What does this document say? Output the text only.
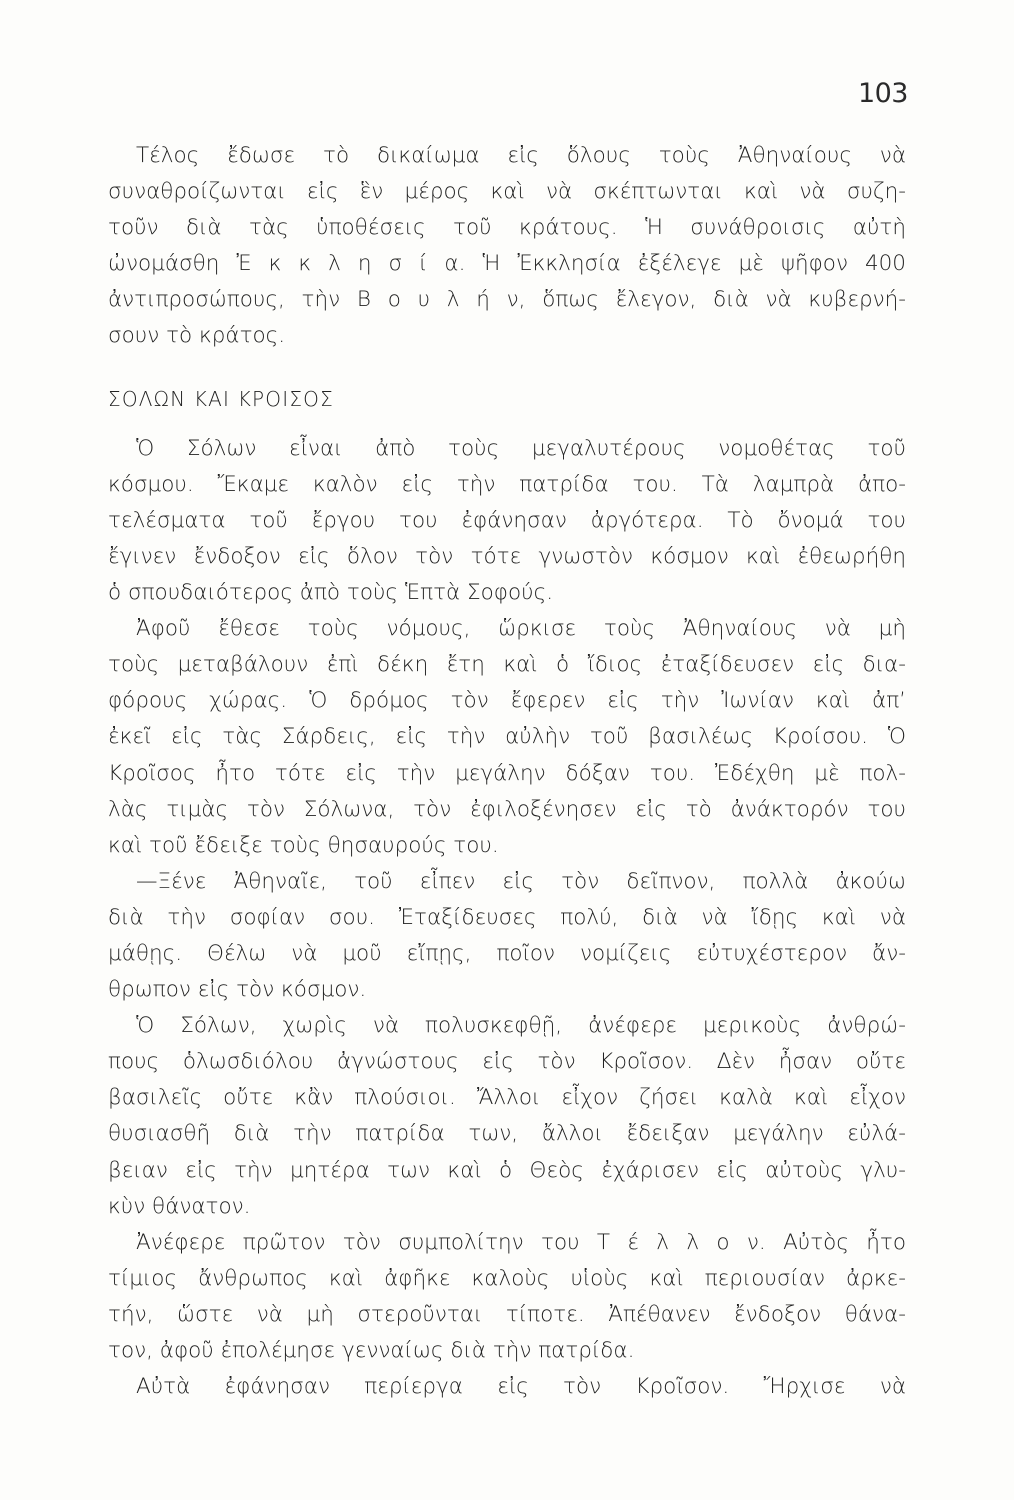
103
Τέλος ἔδωσε τὸ δικαίωμα εἰς ὅλους τοὺς Ἀθηναίους νὰ
συναθροίζωνται εἰς ἓν μέρος καὶ νὰ σκέπτωνται καὶ νὰ συζη-
τοῦν διὰ τὰς ὑποθέσεις τοῦ κράτους. Ἡ συνάθροισις αὐτὴ
ὠνομάσθη Ἐ κ κ λ η σ ί α. Ἡ Ἐκκλησία ἐξέλεγε μὲ ψῆφον 400
ἀντιπροσώπους, τὴν Β ο υ λ ή ν, ὅπως ἔλεγον, διὰ νὰ κυβερνή-
σουν τὸ κράτος.
ΣΟΛΩΝ ΚΑΙ ΚΡΟΙΣΟΣ
Ὁ Σόλων εἶναι ἀπὸ τοὺς μεγαλυτέρους νομοθέτας τοῦ
κόσμου. Ἔκαμε καλὸν εἰς τὴν πατρίδα του. Τὰ λαμπρὰ ἀπο-
τελέσματα τοῦ ἔργου του ἐφάνησαν ἀργότερα. Τὸ ὄνομά του
ἔγινεν ἔνδοξον εἰς ὅλον τὸν τότε γνωστὸν κόσμον καὶ ἐθεωρήθη
ὁ σπουδαιότερος ἀπὸ τοὺς Ἑπτὰ Σοφούς.
Ἀφοῦ ἔθεσε τοὺς νόμους, ὥρκισε τοὺς Ἀθηναίους νὰ μὴ
τοὺς μεταβάλουν ἐπὶ δέκη ἔτη καὶ ὁ ἴδιος ἐταξίδευσεν εἰς δια-
φόρους χώρας. Ὁ δρόμος τὸν ἔφερεν εἰς τὴν Ἰωνίαν καὶ ἀπ’
ἐκεῖ εἰς τὰς Σάρδεις, εἰς τὴν αὐλὴν τοῦ βασιλέως Κροίσου. Ὁ
Κροῖσος ἦτο τότε εἰς τὴν μεγάλην δόξαν του. Ἐδέχθη μὲ πολ-
λὰς τιμὰς τὸν Σόλωνα, τὸν ἐφιλοξένησεν εἰς τὸ ἀνάκτορόν του
καὶ τοῦ ἔδειξε τοὺς θησαυρούς του.
—Ξένε Ἀθηναῖε, τοῦ εἶπεν εἰς τὸν δεῖπνον, πολλὰ ἀκούω
διὰ τὴν σοφίαν σου. Ἐταξίδευσες πολύ, διὰ νὰ ἴδῃς καὶ νὰ
μάθῃς. Θέλω νὰ μοῦ εἴπῃς, ποῖον νομίζεις εὐτυχέστερον ἄν-
θρωπον εἰς τὸν κόσμον.
Ὁ Σόλων, χωρὶς νὰ πολυσκεφθῇ, ἀνέφερε μερικοὺς ἀνθρώ-
πους ὁλωσδιόλου ἀγνώστους εἰς τὸν Κροῖσον. Δὲν ἦσαν οὔτε
βασιλεῖς οὔτε κἂν πλούσιοι. Ἄλλοι εἶχον ζήσει καλὰ καὶ εἶχον
θυσιασθῆ διὰ τὴν πατρίδα των, ἄλλοι ἔδειξαν μεγάλην εὐλά-
βειαν εἰς τὴν μητέρα των καὶ ὁ Θεὸς ἐχάρισεν εἰς αὐτοὺς γλυ-
κὺν θάνατον.
Ἀνέφερε πρῶτον τὸν συμπολίτην του Τ έ λ λ ο ν. Αὐτὸς ἦτο
τίμιος ἄνθρωπος καὶ ἀφῆκε καλοὺς υἱοὺς καὶ περιουσίαν ἀρκε-
τήν, ὥστε νὰ μὴ στεροῦνται τίποτε. Ἀπέθανεν ἔνδοξον θάνα-
τον, ἀφοῦ ἐπολέμησε γενναίως διὰ τὴν πατρίδα.
Αὐτὰ ἐφάνησαν περίεργα εἰς τὸν Κροῖσον. Ἤρχισε νὰ
